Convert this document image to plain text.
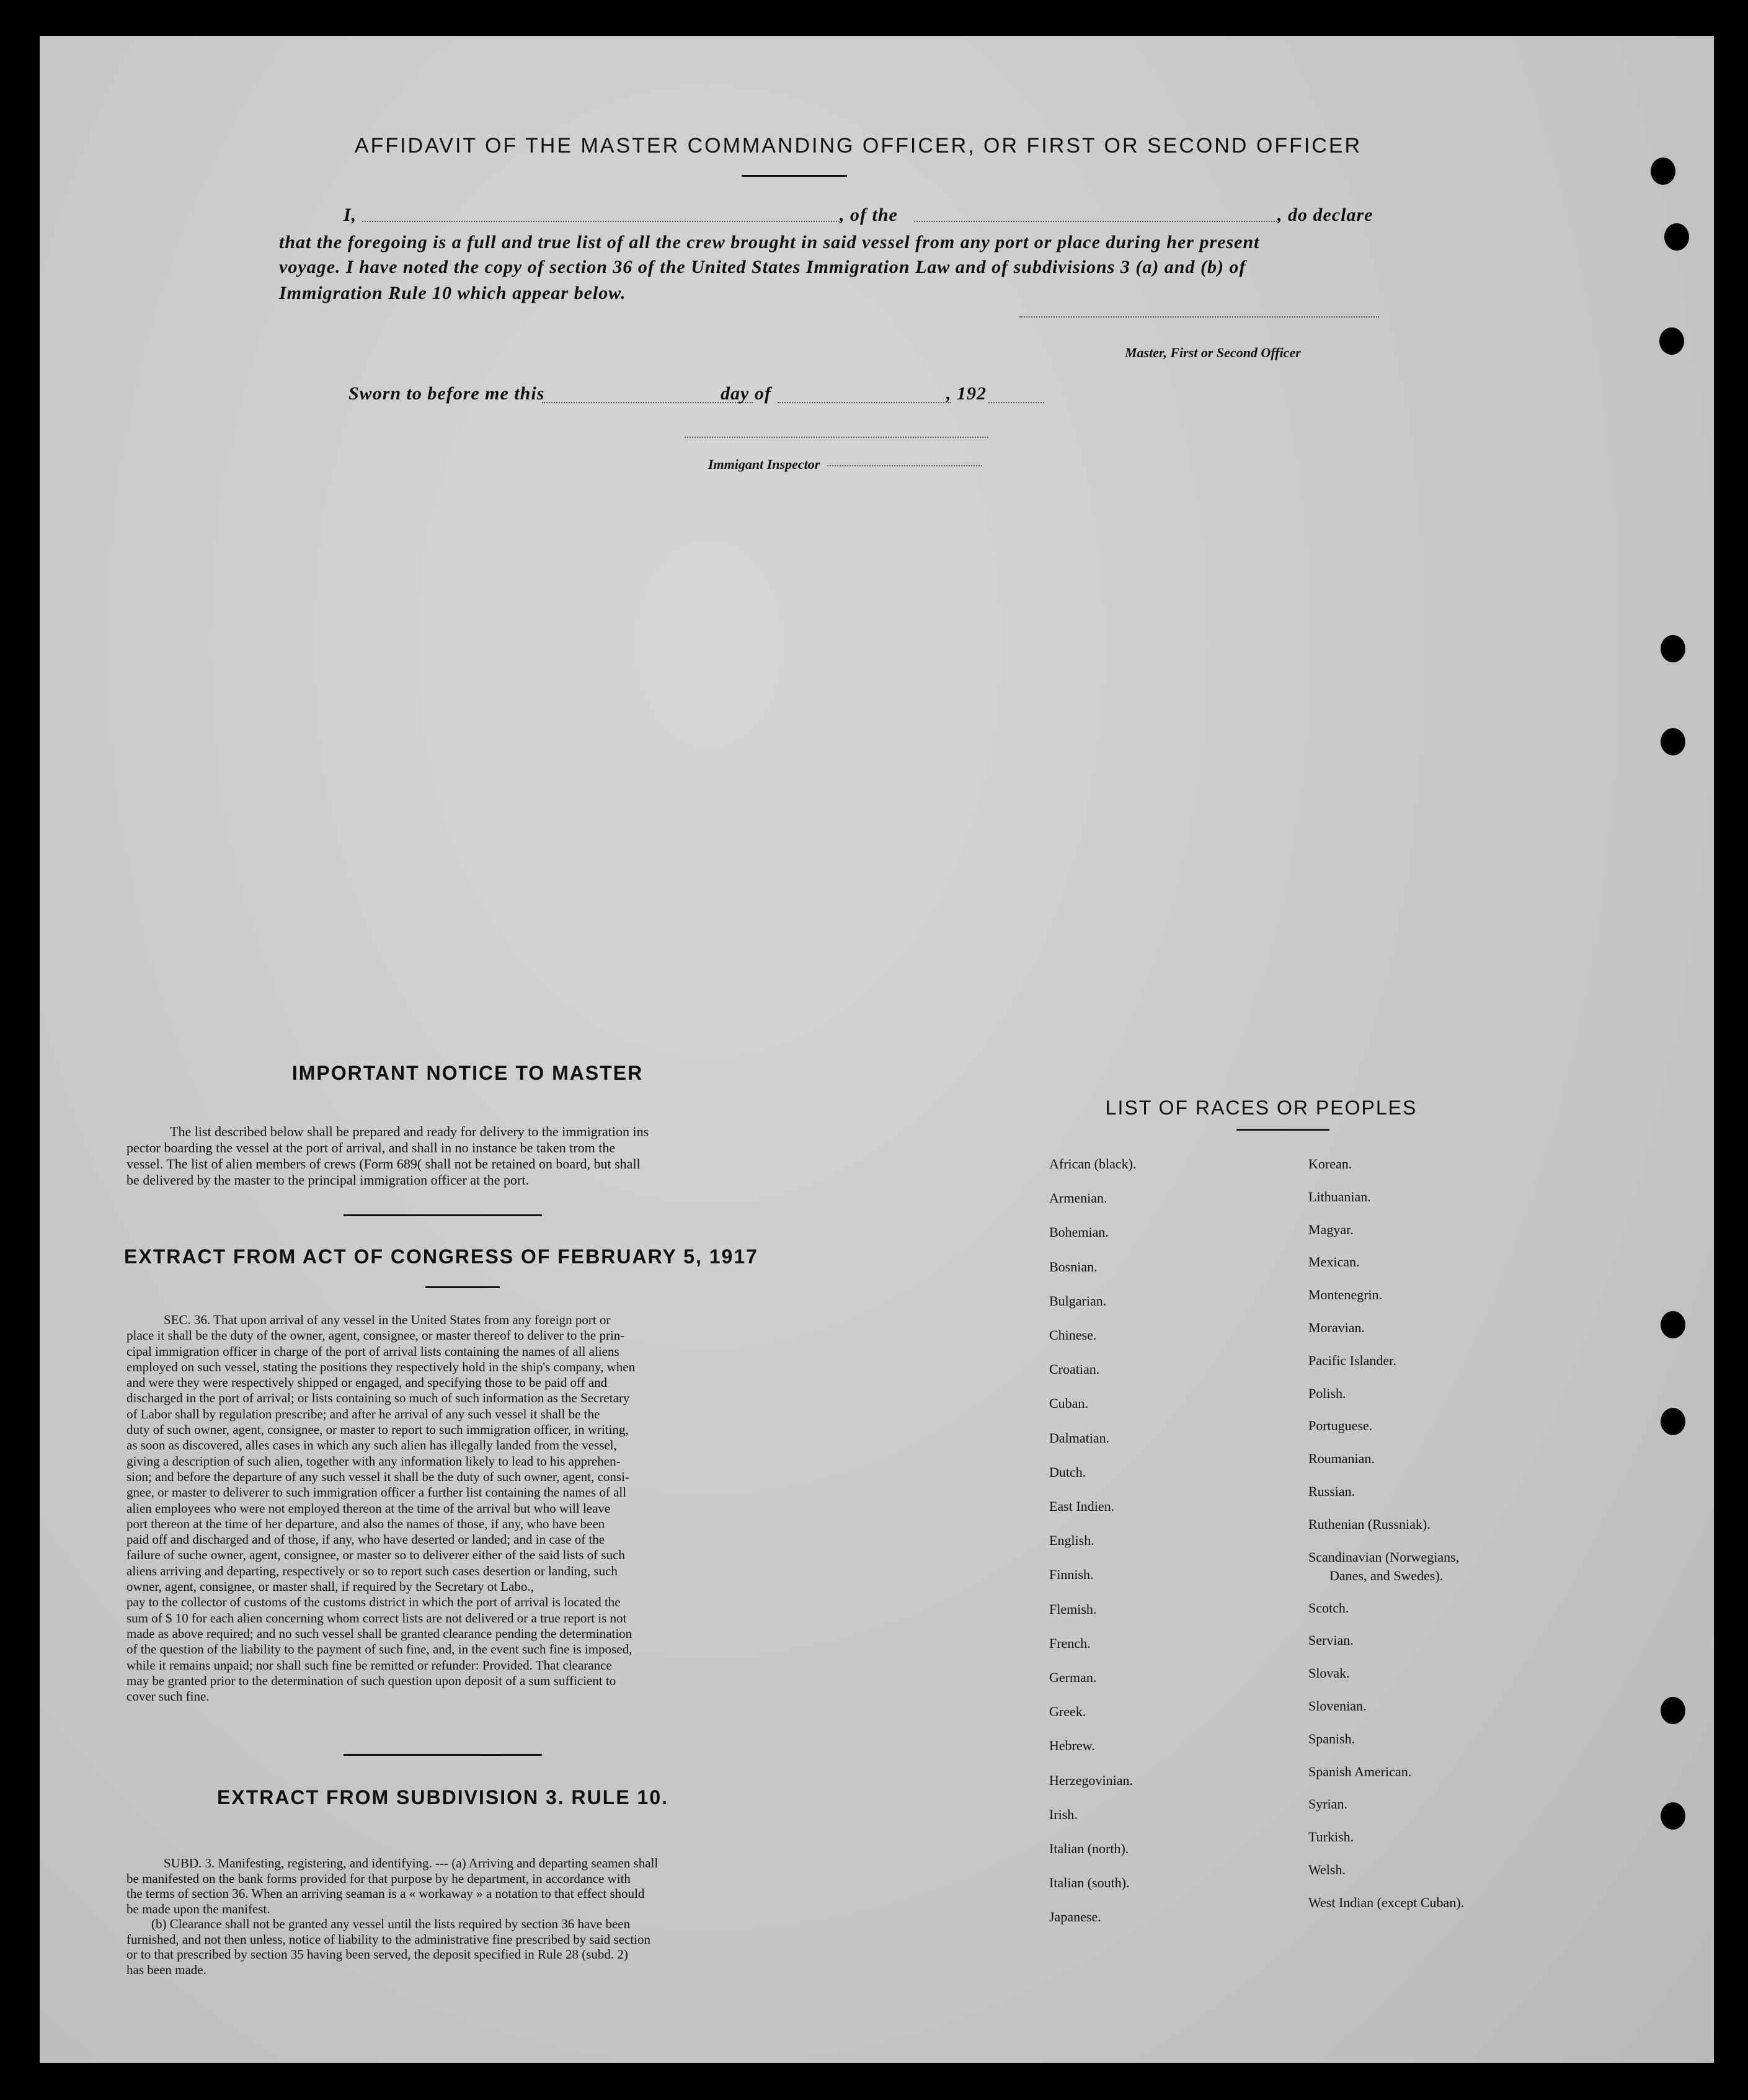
AFFIDAVIT OF THE MASTER COMMANDING OFFICER, OR FIRST OR SECOND OFFICER
I,	, of the	, do declare
that the foregoing is a full and true list of all the crew brought in said vessel from any port or place during her present
voyage. I have noted the copy of section 36 of the United States Immigration Law and of subdivisions 3 (a) and (b) of
Immigration Rule 10 which appear below.
Master, First or Second Officer
Sworn to before me this	day of	, 192
Immigant Inspector
IMPORTANT NOTICE TO MASTER
The list described below shall be prepared and ready for delivery to the immigration ins
pector boarding the vessel at the port of arrival, and shall in no instance be taken trom the
vessel. The list of alien members of crews (Form 689( shall not be retained on board, but shall
be delivered by the master to the principal immigration officer at the port.
EXTRACT FROM ACT OF CONGRESS OF FEBRUARY 5, 1917
SEC. 36. That upon arrival of any vessel in the United States from any foreign port or
place it shall be the duty of the owner, agent, consignee, or master thereof to deliver to the prin-
cipal immigration officer in charge of the port of arrival lists containing the names of all aliens
employed on such vessel, stating the positions they respectively hold in the ship's company, when
and were they were respectively shipped or engaged, and specifying those to be paid off and
discharged in the port of arrival; or lists containing so much of such information as the Secretary
of Labor shall by regulation prescribe; and after he arrival of any such vessel it shall be the
duty of such owner, agent, consignee, or master to report to such immigration officer, in writing,
as soon as discovered, alles cases in which any such alien has illegally landed from the vessel,
giving a description of such alien, together with any information likely to lead to his apprehen-
sion; and before the departure of any such vessel it shall be the duty of such owner, agent, consi-
gnee, or master to deliverer to such immigration officer a further list containing the names of all
alien employees who were not employed thereon at the time of the arrival but who will leave
port thereon at the time of her departure, and also the names of those, if any, who have been
paid off and discharged and of those, if any, who have deserted or landed; and in case of the
failure of suche owner, agent, consignee, or master so to deliverer either of the said lists of such
aliens arriving and departing, respectively or so to report such cases desertion or landing, such
owner, agent, consignee, or master shall, if required by the Secretary ot Labo.,
pay to the collector of customs of the customs district in which the port of arrival is located the
sum of $ 10 for each alien concerning whom correct lists are not delivered or a true report is not
made as above required; and no such vessel shall be granted clearance pending the determination
of the question of the liability to the payment of such fine, and, in the event such fine is imposed,
while it remains unpaid; nor shall such fine be remitted or refunder: Provided. That clearance
may be granted prior to the determination of such question upon deposit of a sum sufficient to
cover such fine.
EXTRACT FROM SUBDIVISION 3. RULE 10.
SUBD. 3. Manifesting, registering, and identifying. --- (a) Arriving and departing seamen shall
be manifested on the bank forms provided for that purpose by he department, in accordance with
the terms of section 36. When an arriving seaman is a « workaway » a notation to that effect should
be made upon the manifest.
(b) Clearance shall not be granted any vessel until the lists required by section 36 have been
furnished, and not then unless, notice of liability to the administrative fine prescribed by said section
or to that prescribed by section 35 having been served, the deposit specified in Rule 28 (subd. 2)
has been made.
LIST OF RACES OR PEOPLES
African (black).
Armenian.
Bohemian.
Bosnian.
Bulgarian.
Chinese.
Croatian.
Cuban.
Dalmatian.
Dutch.
East Indien.
English.
Finnish.
Flemish.
French.
German.
Greek.
Hebrew.
Herzegovinian.
Irish.
Italian (north).
Italian (south).
Japanese.
Korean.
Lithuanian.
Magyar.
Mexican.
Montenegrin.
Moravian.
Pacific Islander.
Polish.
Portuguese.
Roumanian.
Russian.
Ruthenian (Russniak).
Scandinavian (Norwegians,
Danes, and Swedes).
Scotch.
Servian.
Slovak.
Slovenian.
Spanish.
Spanish American.
Syrian.
Turkish.
Welsh.
West Indian (except Cuban).
